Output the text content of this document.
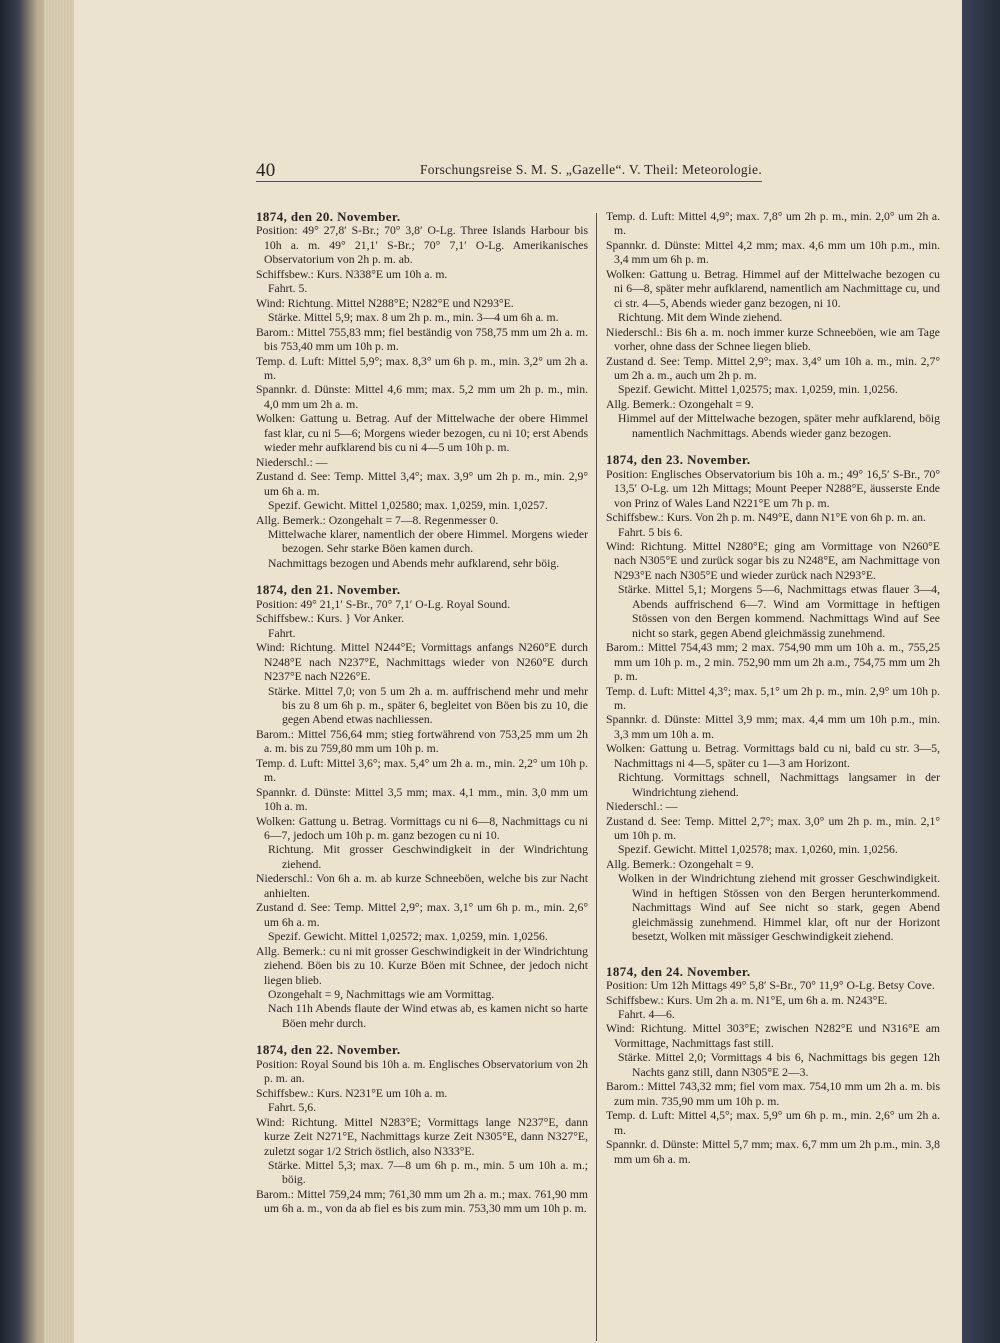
40	Forschungsreise S. M. S. „Gazelle“. V. Theil: Meteorologie.

1874, den 20. November.

Position: 49° 27,8′ S-Br.; 70° 3,8′ O-Lg. Three Islands Harbour bis 10h a. m. 49° 21,1′ S-Br.; 70° 7,1′ O-Lg. Amerikanisches Observatorium von 2h p. m. ab.

Schiffsbew.: Kurs. N338°E um 10h a. m.

Fahrt. 5.

Wind: Richtung. Mittel N288°E; N282°E und N293°E.

Stärke. Mittel 5,9; max. 8 um 2h p. m., min. 3—4 um 6h a. m.

Barom.: Mittel 755,83 mm; fiel beständig von 758,75 mm um 2h a. m. bis 753,40 mm um 10h p. m.

Temp. d. Luft: Mittel 5,9°; max. 8,3° um 6h p. m., min. 3,2° um 2h a. m.

Spannkr. d. Dünste: Mittel 4,6 mm; max. 5,2 mm um 2h p. m., min. 4,0 mm um 2h a. m.

Wolken: Gattung u. Betrag. Auf der Mittelwache der obere Himmel fast klar, cu ni 5—6; Morgens wieder bezogen, cu ni 10; erst Abends wieder mehr aufklarend bis cu ni 4—5 um 10h p. m.

Niederschl.: —

Zustand d. See: Temp. Mittel 3,4°; max. 3,9° um 2h p. m., min. 2,9° um 6h a. m.

Spezif. Gewicht. Mittel 1,02580; max. 1,0259, min. 1,0257.

Allg. Bemerk.: Ozongehalt = 7—8. Regenmesser 0.

Mittelwache klarer, namentlich der obere Himmel. Morgens wieder bezogen. Sehr starke Böen kamen durch.

Nachmittags bezogen und Abends mehr aufklarend, sehr böig.

1874, den 21. November.

Position: 49° 21,1′ S-Br., 70° 7,1′ O-Lg. Royal Sound.

Schiffsbew.: Kurs. } Vor Anker.

Fahrt.

Wind: Richtung. Mittel N244°E; Vormittags anfangs N260°E durch N248°E nach N237°E, Nachmittags wieder von N260°E durch N237°E nach N226°E.

Stärke. Mittel 7,0; von 5 um 2h a. m. auffrischend mehr und mehr bis zu 8 um 6h p. m., später 6, begleitet von Böen bis zu 10, die gegen Abend etwas nachliessen.

Barom.: Mittel 756,64 mm; stieg fortwährend von 753,25 mm um 2h a. m. bis zu 759,80 mm um 10h p. m.

Temp. d. Luft: Mittel 3,6°; max. 5,4° um 2h a. m., min. 2,2° um 10h p. m.

Spannkr. d. Dünste: Mittel 3,5 mm; max. 4,1 mm., min. 3,0 mm um 10h a. m.

Wolken: Gattung u. Betrag. Vormittags cu ni 6—8, Nachmittags cu ni 6—7, jedoch um 10h p. m. ganz bezogen cu ni 10.

Richtung. Mit grosser Geschwindigkeit in der Windrichtung ziehend.

Niederschl.: Von 6h a. m. ab kurze Schneeböen, welche bis zur Nacht anhielten.

Zustand d. See: Temp. Mittel 2,9°; max. 3,1° um 6h p. m., min. 2,6° um 6h a. m.

Spezif. Gewicht. Mittel 1,02572; max. 1,0259, min. 1,0256.

Allg. Bemerk.: cu ni mit grosser Geschwindigkeit in der Windrichtung ziehend. Böen bis zu 10. Kurze Böen mit Schnee, der jedoch nicht liegen blieb.

Ozongehalt = 9, Nachmittags wie am Vormittag.

Nach 11h Abends flaute der Wind etwas ab, es kamen nicht so harte Böen mehr durch.

1874, den 22. November.

Position: Royal Sound bis 10h a. m. Englisches Observatorium von 2h p. m. an.

Schiffsbew.: Kurs. N231°E um 10h a. m.

Fahrt. 5,6.

Wind: Richtung. Mittel N283°E; Vormittags lange N237°E, dann kurze Zeit N271°E, Nachmittags kurze Zeit N305°E, dann N327°E, zuletzt sogar 1/2 Strich östlich, also N333°E.

Stärke. Mittel 5,3; max. 7—8 um 6h p. m., min. 5 um 10h a. m.; böig.

Barom.: Mittel 759,24 mm; 761,30 mm um 2h a. m.; max. 761,90 mm um 6h a. m., von da ab fiel es bis zum min. 753,30 mm um 10h p. m.

Temp. d. Luft: Mittel 4,9°; max. 7,8° um 2h p. m., min. 2,0° um 2h a. m.

Spannkr. d. Dünste: Mittel 4,2 mm; max. 4,6 mm um 10h p.m., min. 3,4 mm um 6h p. m.

Wolken: Gattung u. Betrag. Himmel auf der Mittelwache bezogen cu ni 6—8, später mehr aufklarend, namentlich am Nachmittage cu, und ci str. 4—5, Abends wieder ganz bezogen, ni 10.

Richtung. Mit dem Winde ziehend.

Niederschl.: Bis 6h a. m. noch immer kurze Schneeböen, wie am Tage vorher, ohne dass der Schnee liegen blieb.

Zustand d. See: Temp. Mittel 2,9°; max. 3,4° um 10h a. m., min. 2,7° um 2h a. m., auch um 2h p. m.

Spezif. Gewicht. Mittel 1,02575; max. 1,0259, min. 1,0256.

Allg. Bemerk.: Ozongehalt = 9.

Himmel auf der Mittelwache bezogen, später mehr aufklarend, böig namentlich Nachmittags. Abends wieder ganz bezogen.

1874, den 23. November.

Position: Englisches Observatorium bis 10h a. m.; 49° 16,5′ S-Br., 70° 13,5′ O-Lg. um 12h Mittags; Mount Peeper N288°E, äusserste Ende von Prinz of Wales Land N221°E um 7h p. m.

Schiffsbew.: Kurs. Von 2h p. m. N49°E, dann N1°E von 6h p. m. an.

Fahrt. 5 bis 6.

Wind: Richtung. Mittel N280°E; ging am Vormittage von N260°E nach N305°E und zurück sogar bis zu N248°E, am Nachmittage von N293°E nach N305°E und wieder zurück nach N293°E.

Stärke. Mittel 5,1; Morgens 5—6, Nachmittags etwas flauer 3—4, Abends auffrischend 6—7. Wind am Vormittage in heftigen Stössen von den Bergen kommend. Nachmittags Wind auf See nicht so stark, gegen Abend gleichmässig zunehmend.

Barom.: Mittel 754,43 mm; 2 max. 754,90 mm um 10h a. m., 755,25 mm um 10h p. m., 2 min. 752,90 mm um 2h a.m., 754,75 mm um 2h p. m.

Temp. d. Luft: Mittel 4,3°; max. 5,1° um 2h p. m., min. 2,9° um 10h p. m.

Spannkr. d. Dünste: Mittel 3,9 mm; max. 4,4 mm um 10h p.m., min. 3,3 mm um 10h a. m.

Wolken: Gattung u. Betrag. Vormittags bald cu ni, bald cu str. 3—5, Nachmittags ni 4—5, später cu 1—3 am Horizont.

Richtung. Vormittags schnell, Nachmittags langsamer in der Windrichtung ziehend.

Niederschl.: —

Zustand d. See: Temp. Mittel 2,7°; max. 3,0° um 2h p. m., min. 2,1° um 10h p. m.

Spezif. Gewicht. Mittel 1,02578; max. 1,0260, min. 1,0256.

Allg. Bemerk.: Ozongehalt = 9.

Wolken in der Windrichtung ziehend mit grosser Geschwindigkeit. Wind in heftigen Stössen von den Bergen herunterkommend. Nachmittags Wind auf See nicht so stark, gegen Abend gleichmässig zunehmend. Himmel klar, oft nur der Horizont besetzt, Wolken mit mässiger Geschwindigkeit ziehend.

1874, den 24. November.

Position: Um 12h Mittags 49° 5,8′ S-Br., 70° 11,9° O-Lg. Betsy Cove.

Schiffsbew.: Kurs. Um 2h a. m. N1°E, um 6h a. m. N243°E.

Fahrt. 4—6.

Wind: Richtung. Mittel 303°E; zwischen N282°E und N316°E am Vormittage, Nachmittags fast still.

Stärke. Mittel 2,0; Vormittags 4 bis 6, Nachmittags bis gegen 12h Nachts ganz still, dann N305°E 2—3.

Barom.: Mittel 743,32 mm; fiel vom max. 754,10 mm um 2h a. m. bis zum min. 735,90 mm um 10h p. m.

Temp. d. Luft: Mittel 4,5°; max. 5,9° um 6h p. m., min. 2,6° um 2h a. m.

Spannkr. d. Dünste: Mittel 5,7 mm; max. 6,7 mm um 2h p.m., min. 3,8 mm um 6h a. m.
